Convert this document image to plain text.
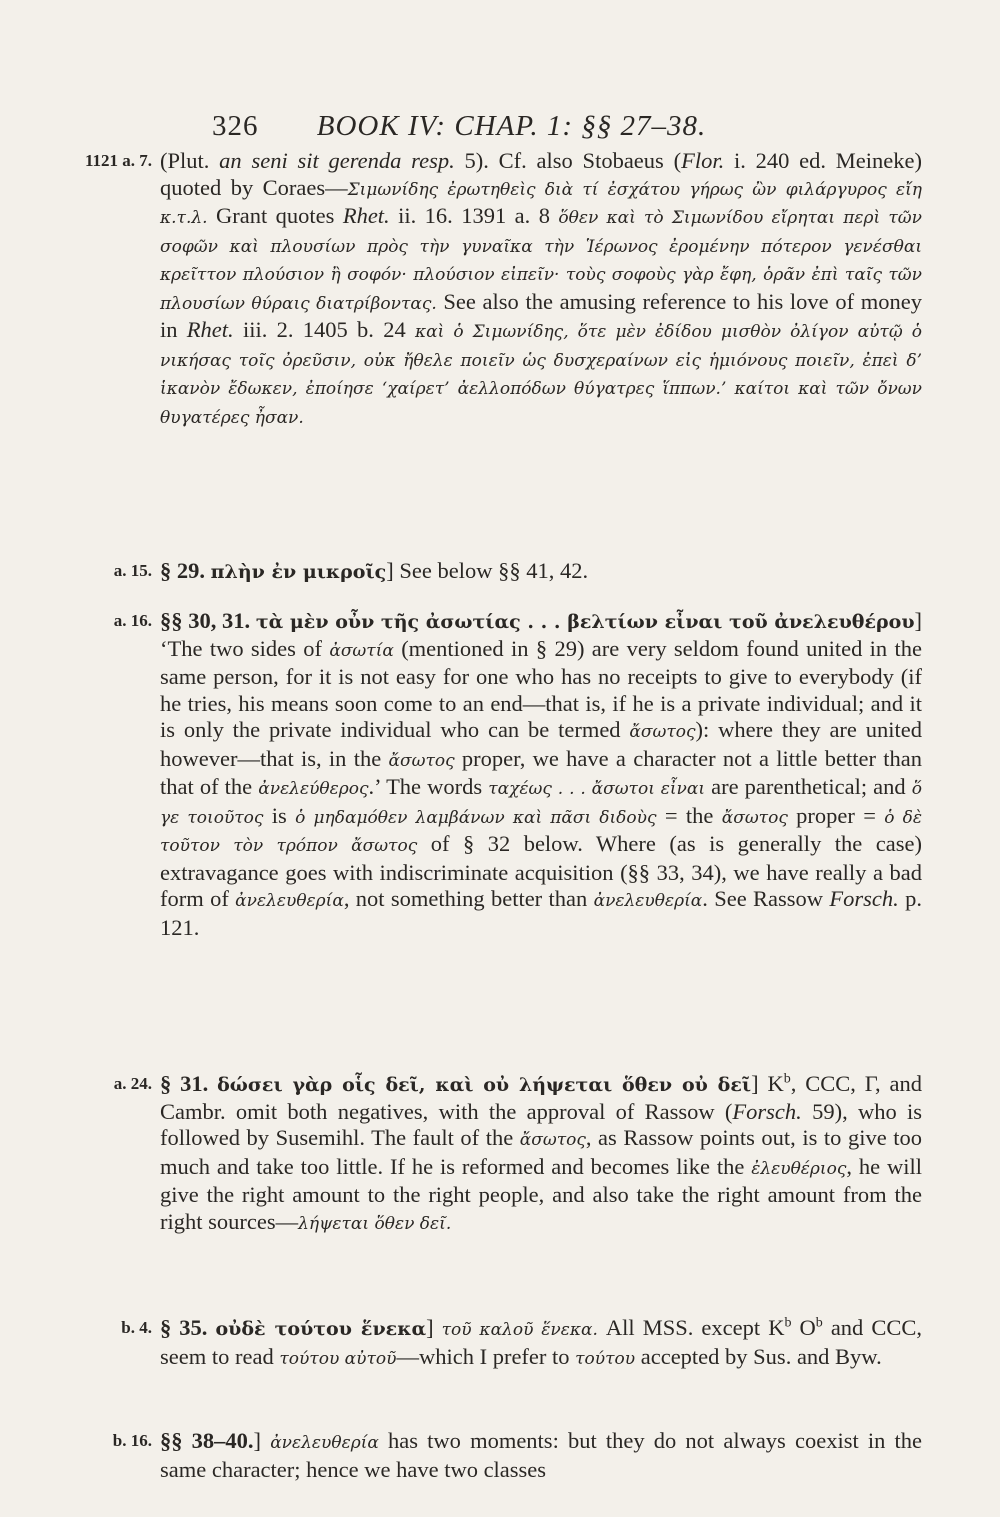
326 BOOK IV: CHAP. 1: §§ 27–38.
1121 a. 7. (Plut. an seni sit gerenda resp. 5). Cf. also Stobaeus (Flor. i. 240 ed. Meineke) quoted by Coraes—Σιμωνίδης ἐρωτηθεὶς διὰ τί ἐσχάτου γήρως ὢν φιλάργυρος εἴη κ.τ.λ. Grant quotes Rhet. ii. 16. 1391 a. 8 ὅθεν καὶ τὸ Σιμωνίδου εἴρηται περὶ τῶν σοφῶν καὶ πλουσίων πρὸς τὴν γυναῖκα τὴν Ἱέρωνος ἐρομένην πότερον γενέσθαι κρεῖττον πλούσιον ἢ σοφόν· πλούσιον εἰπεῖν· τοὺς σοφοὺς γὰρ ἔφη, ὁρᾶν ἐπὶ ταῖς τῶν πλουσίων θύραις διατρίβοντας. See also the amusing reference to his love of money in Rhet. iii. 2. 1405 b. 24 καὶ ὁ Σιμωνίδης, ὅτε μὲν ἐδίδου μισθὸν ὀλίγον αὐτῷ ὁ νικήσας τοῖς ὀρεῦσιν, οὐκ ἤθελε ποιεῖν ὡς δυσχεραίνων εἰς ἡμιόνους ποιεῖν, ἐπεὶ δ’ ἱκανὸν ἔδωκεν, ἐποίησε ‘χαίρετ’ ἀελλοπόδων θύγατρες ἵππων.’ καίτοι καὶ τῶν ὄνων θυγατέρες ἦσαν.
a. 15. § 29. πλὴν ἐν μικροῖς] See below §§ 41, 42.
a. 16. §§ 30, 31. τὰ μὲν οὖν τῆς ἀσωτίας . . . βελτίων εἶναι τοῦ ἀνελευθέρου] ‘The two sides of ἀσωτία (mentioned in § 29) are very seldom found united in the same person, for it is not easy for one who has no receipts to give to everybody (if he tries, his means soon come to an end—that is, if he is a private individual; and it is only the private individual who can be termed ἄσωτος): where they are united however—that is, in the ἄσωτος proper, we have a character not a little better than that of the ἀνελεύθερος.’ The words ταχέως . . . ἄσωτοι εἶναι are parenthetical; and ὅ γε τοιοῦτος is ὁ μηδαμόθεν λαμβάνων καὶ πᾶσι διδοὺς = the ἄσωτος proper = ὁ δὲ τοῦτον τὸν τρόπον ἄσωτος of § 32 below. Where (as is generally the case) extravagance goes with indiscriminate acquisition (§§ 33, 34), we have really a bad form of ἀνελευθερία, not something better than ἀνελευθερία. See Rassow Forsch. p. 121.
a. 24. § 31. δώσει γὰρ οἷς δεῖ, καὶ οὐ λήψεται ὅθεν οὐ δεῖ] $K^b$, CCC, Γ, and Cambr. omit both negatives, with the approval of Rassow (Forsch. 59), who is followed by Susemihl. The fault of the ἄσωτος, as Rassow points out, is to give too much and take too little. If he is reformed and becomes like the ἐλευθέριος, he will give the right amount to the right people, and also take the right amount from the right sources—λήψεται ὅθεν δεῖ.
b. 4. § 35. οὐδὲ τούτου ἕνεκα] τοῦ καλοῦ ἕνεκα. All MSS. except $K^b$ $O^b$ and CCC, seem to read τούτου αὐτοῦ—which I prefer to τούτου accepted by Sus. and Byw.
b. 16. §§ 38–40.] ἀνελευθερία has two moments: but they do not always coexist in the same character; hence we have two classes
